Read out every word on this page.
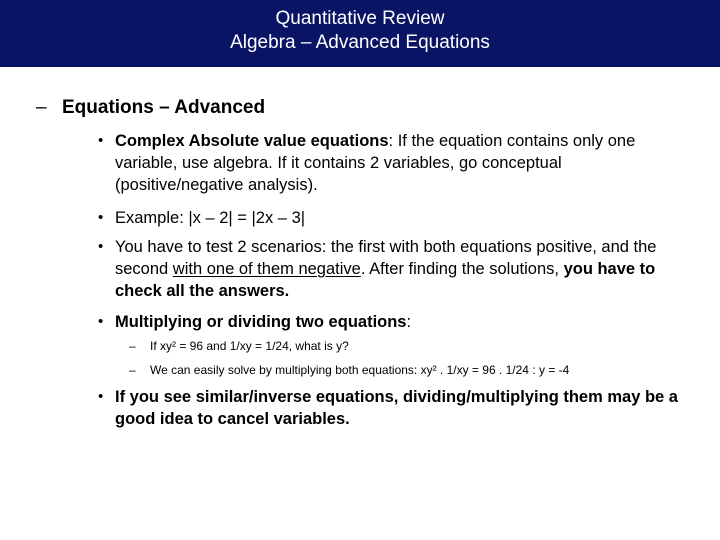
Quantitative Review
Algebra – Advanced Equations
– Equations – Advanced
• Complex Absolute value equations: If the equation contains only one variable, use algebra. If it contains 2 variables, go conceptual (positive/negative analysis).
• Example: |x – 2| = |2x – 3|
• You have to test 2 scenarios: the first with both equations positive, and the second with one of them negative. After finding the solutions, you have to check all the answers.
• Multiplying or dividing two equations:
– If xy² = 96 and 1/xy = 1/24, what is y?
– We can easily solve by multiplying both equations: xy² . 1/xy = 96 . 1/24 : y = -4
• If you see similar/inverse equations, dividing/multiplying them may be a good idea to cancel variables.
